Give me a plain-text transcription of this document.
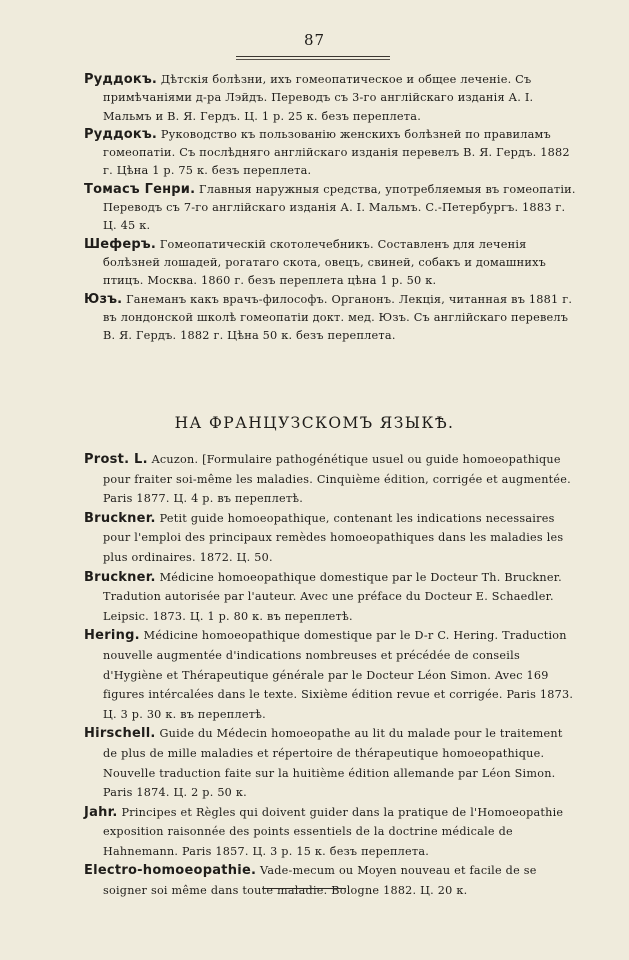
87

Руддокъ. Дѣтскія болѣзни, ихъ гомеопатическое и общее леченіе. Съ примѣчаніями д-ра Лэйдъ. Переводъ съ 3-го англійскаго изданія А. І. Мальмъ и В. Я. Гердъ. Ц. 1 р. 25 к. безъ переплета.

Руддокъ. Руководство къ пользованію женскихъ болѣзней по правиламъ гомеопатіи. Съ послѣдняго англійскаго изданія перевелъ В. Я. Гердъ. 1882 г. Цѣна 1 р. 75 к. безъ переплета.

Томасъ Генри. Главныя наружныя средства, употребляемыя въ гомеопатіи. Переводъ съ 7-го англійскаго изданія А. І. Мальмъ. С.-Петербургъ. 1883 г. Ц. 45 к.

Шеферъ. Гомеопатическій скотолечебникъ. Составленъ для леченія болѣзней лошадей, рогатаго скота, овецъ, свиней, собакъ и домашнихъ птицъ. Москва. 1860 г. безъ переплета цѣна 1 р. 50 к.

Юзъ. Ганеманъ какъ врачъ-философъ. Органонъ. Лекція, читанная въ 1881 г. въ лондонской школѣ гомеопатіи докт. мед. Юзъ. Съ англійскаго перевелъ В. Я. Гердъ. 1882 г. Цѣна 50 к. безъ переплета.

НА ФРАНЦУЗСКОМЪ ЯЗЫКѢ.

Prost. L. Acuzon. [Formulaire pathogénétique usuel ou guide homoeopathique pour fraiter soi-même les maladies. Cinquième édition, corrigée et augmentée. Paris 1877. Ц. 4 р. въ переплетѣ.

Bruckner. Petit guide homoeopathique, contenant les indications necessaires pour l'emploi des principaux remèdes homoeopathiques dans les maladies les plus ordinaires. 1872. Ц. 50.

Bruckner. Médicine homoeopathique domestique par le Docteur Th. Bruckner. Tradution autorisée par l'auteur. Avec une préface du Docteur E. Schaedler. Leipsic. 1873. Ц. 1 р. 80 к. въ переплетѣ.

Hering. Médicine homoeopathique domestique par le D-r C. Hering. Traduction nouvelle augmentée d'indications nombreuses et précédée de conseils d'Hygiène et Thérapeutique générale par le Docteur Léon Simon. Avec 169 figures intércalées dans le texte. Sixième édition revue et corrigée. Paris 1873. Ц. 3 р. 30 к. въ переплетѣ.

Hirschell. Guide du Médecin homoeopathe au lit du malade pour le traitement de plus de mille maladies et répertoire de thérapeutique homoeopathique. Nouvelle traduction faite sur la huitième édition allemande par Léon Simon. Paris 1874. Ц. 2 р. 50 к.

Jahr. Principes et Règles qui doivent guider dans la pratique de l'Homoeopathie exposition raisonnée des points essentiels de la doctrine médicale de Hahnemann. Paris 1857. Ц. 3 р. 15 к. безъ переплета.

Electro-homoeopathie. Vade-mecum ou Moyen nouveau et facile de se soigner soi même dans toute maladie. Bologne 1882. Ц. 20 к.
